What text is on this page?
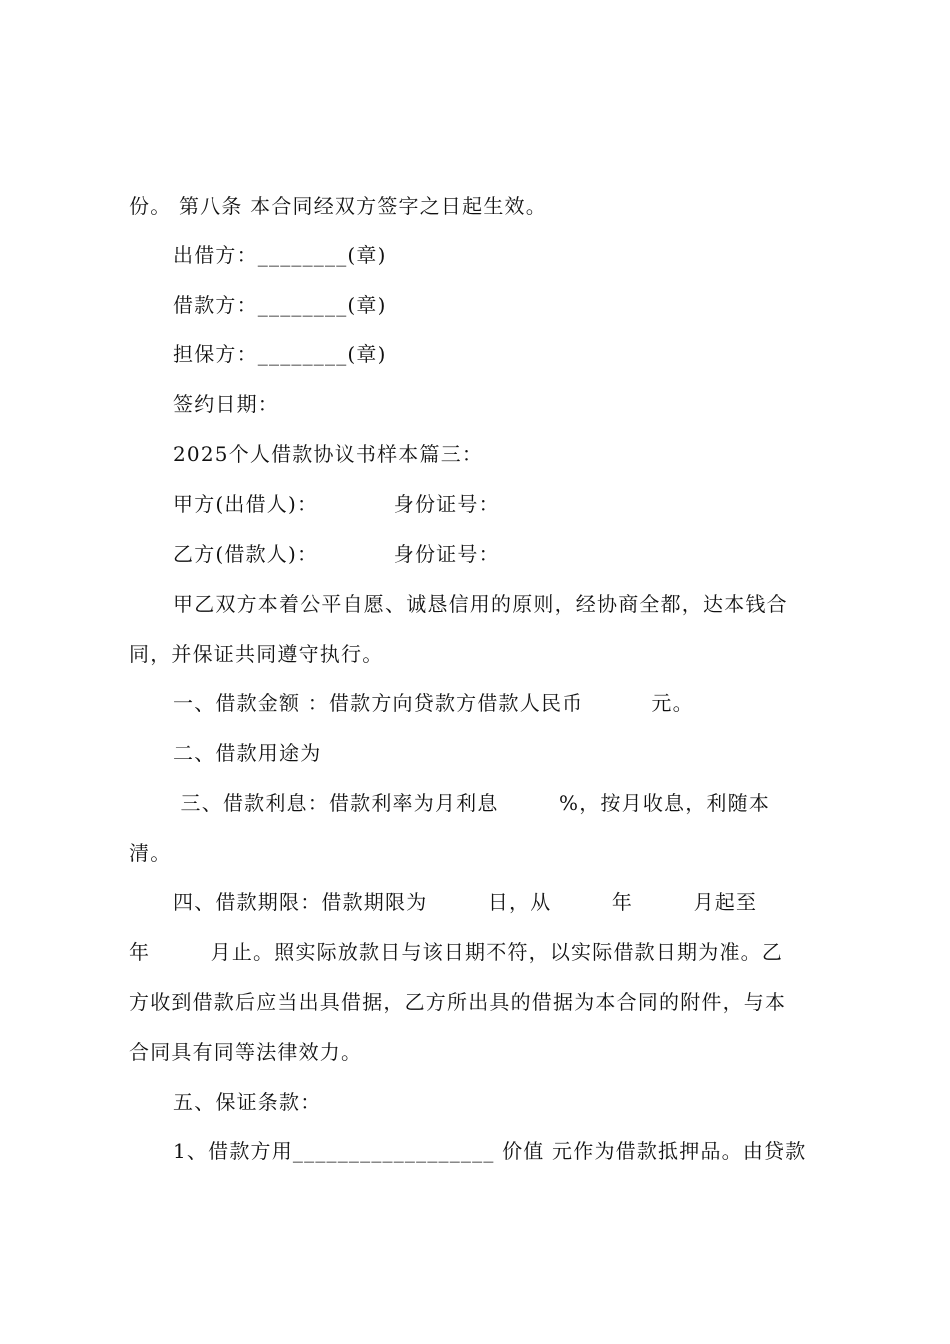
份。 第八条 本合同经双方签字之日起生效。
出借方：________(章)
借款方：________(章)
担保方：________(章)
签约日期：
2025个人借款协议书样本篇三：
甲方(出借人)：          身份证号：
乙方(借款人)：          身份证号：
甲乙双方本着公平自愿、诚恳信用的原则，经协商全都，达本钱合
同，并保证共同遵守执行。
一、借款金额 ：借款方向贷款方借款人民币         元。
二、借款用途为
三、借款利息：借款利率为月利息        %，按月收息，利随本
清。
四、借款期限：借款期限为        日，从        年        月起至
年        月止。照实际放款日与该日期不符，以实际借款日期为准。乙
方收到借款后应当出具借据，乙方所出具的借据为本合同的附件，与本
合同具有同等法律效力。
五、保证条款：
1、借款方用__________________ 价值 元作为借款抵押品。由贷款
